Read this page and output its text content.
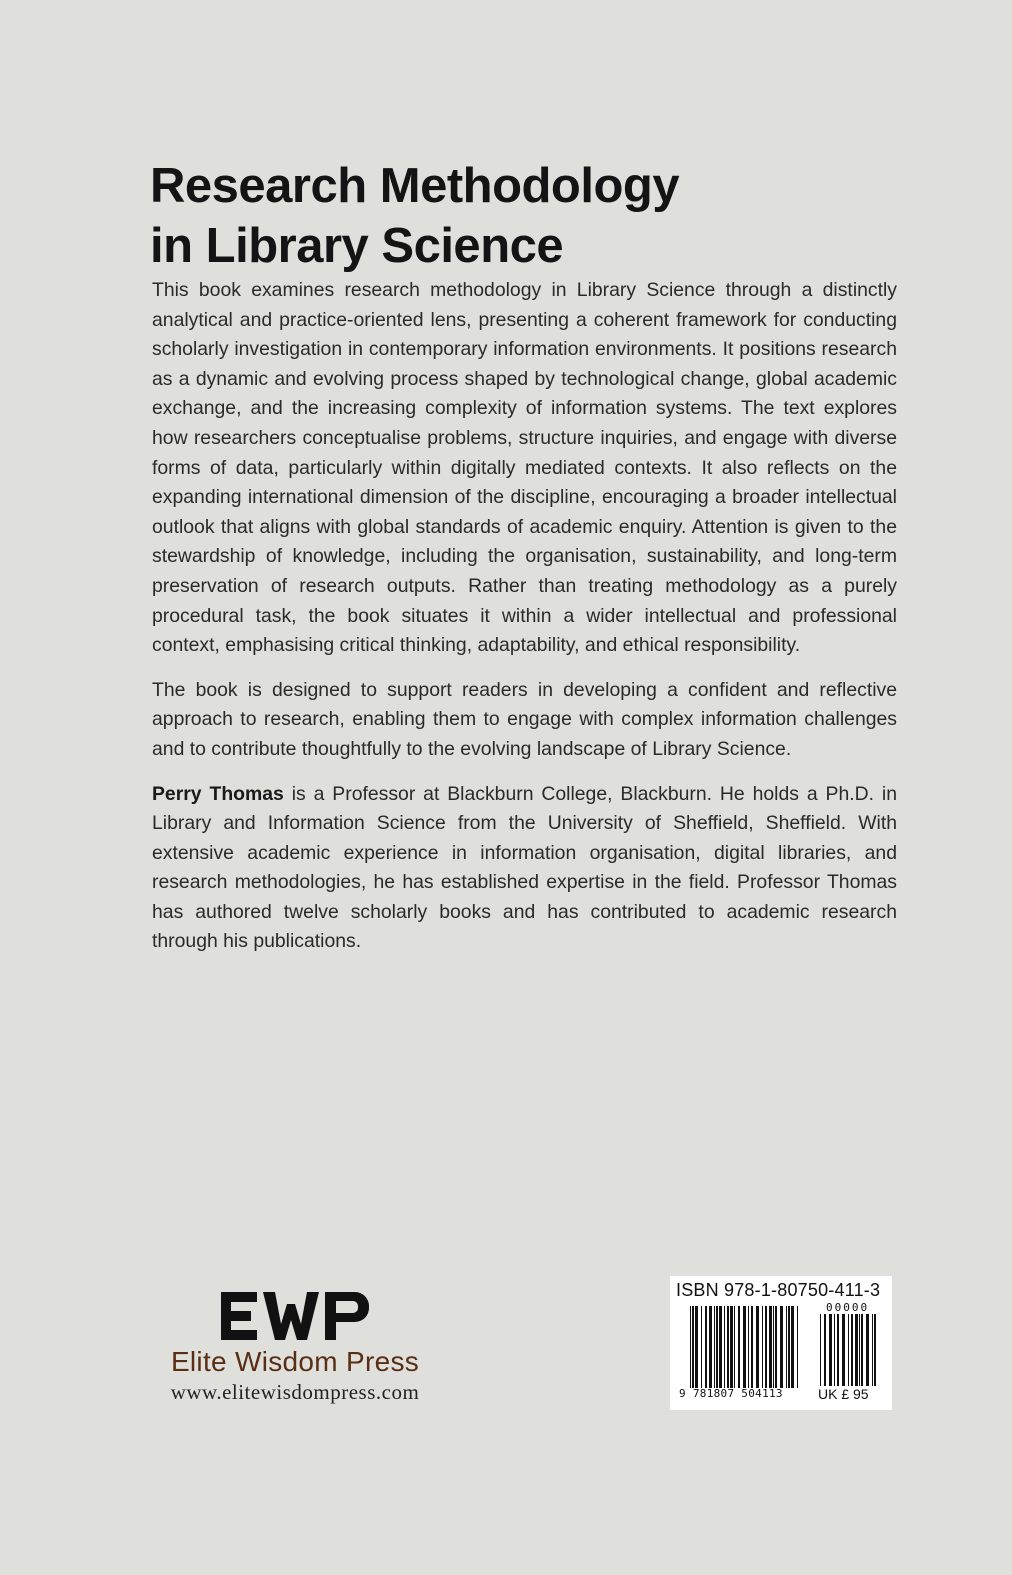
Research Methodology
in Library Science

This book examines research methodology in Library Science through a distinctly analytical and practice-oriented lens, presenting a coherent framework for conducting scholarly investigation in contemporary information environments. It positions research as a dynamic and evolving process shaped by technological change, global academic exchange, and the increasing complexity of information systems. The text explores how researchers conceptualise problems, structure inquiries, and engage with diverse forms of data, particularly within digitally mediated contexts. It also reflects on the expanding international dimension of the discipline, encouraging a broader intellectual outlook that aligns with global standards of academic enquiry. Attention is given to the stewardship of knowledge, including the organisation, sustainability, and long-term preservation of research outputs. Rather than treating methodology as a purely procedural task, the book situates it within a wider intellectual and professional context, emphasising critical thinking, adaptability, and ethical responsibility.

The book is designed to support readers in developing a confident and reflective approach to research, enabling them to engage with complex information challenges and to contribute thoughtfully to the evolving landscape of Library Science.

Perry Thomas is a Professor at Blackburn College, Blackburn. He holds a Ph.D. in Library and Information Science from the University of Sheffield, Sheffield. With extensive academic experience in information organisation, digital libraries, and research methodologies, he has established expertise in the field. Professor Thomas has authored twelve scholarly books and has contributed to academic research through his publications.

Elite Wisdom Press
www.elitewisdompress.com
ISBN 978-1-80750-411-3
00000
9 781807 504113	UK £ 95
